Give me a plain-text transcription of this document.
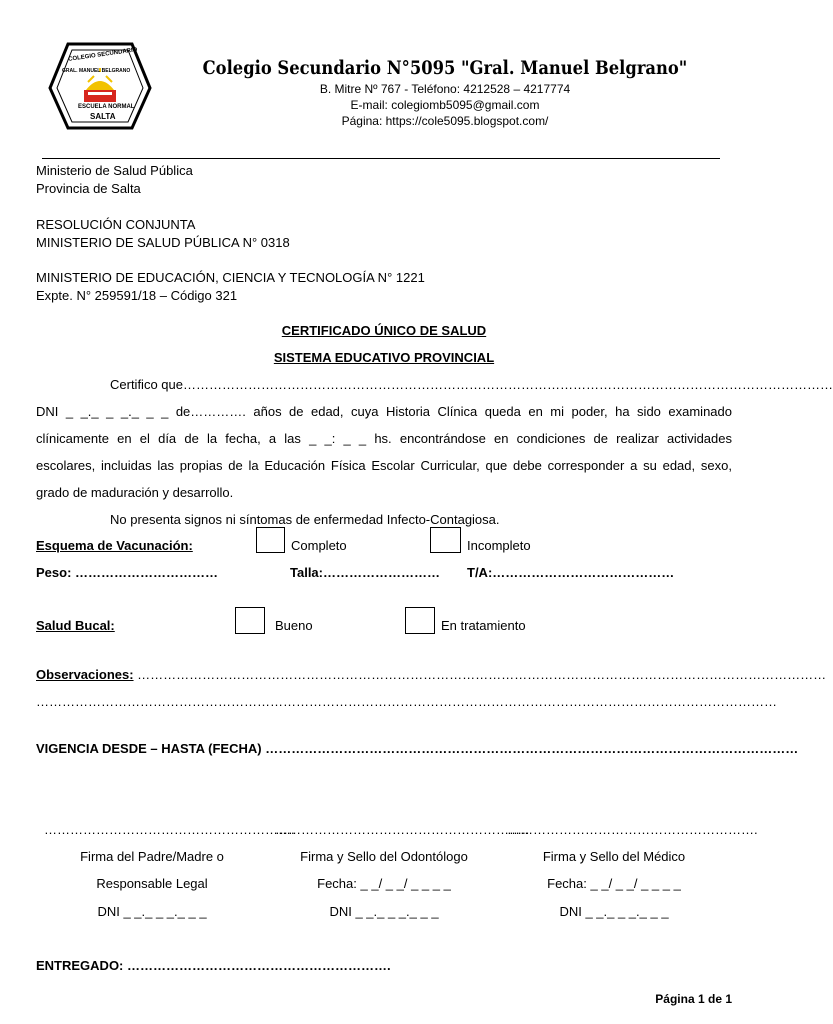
COLEGIO SECUNDARIO
GRAL. MANUEL BELGRANO
ESCUELA NORMAL
SALTA
Colegio Secundario N°5095 "Gral. Manuel Belgrano"
B. Mitre Nº 767 - Teléfono: 4212528 – 4217774
E-mail: colegiomb5095@gmail.com
Página: https://cole5095.blogspot.com/
Ministerio de Salud Pública
Provincia de Salta
RESOLUCIÓN CONJUNTA
MINISTERIO DE SALUD PÚBLICA N° 0318
MINISTERIO DE EDUCACIÓN, CIENCIA Y TECNOLOGÍA N° 1221
Expte. N° 259591/18 – Código 321
CERTIFICADO ÚNICO DE SALUD
SISTEMA EDUCATIVO PROVINCIAL
Certifico que……………………………………………………………………………………………………………………………………
DNI _ _._ _ _._ _ _ de…………. años de edad, cuya Historia Clínica queda en mi poder, ha sido examinado
clínicamente en el día de la fecha, a las _ _: _ _ hs. encontrándose en condiciones de realizar actividades
escolares, incluidas las propias de la Educación Física Escolar Curricular, que debe corresponder a su edad, sexo,
grado de maduración y desarrollo.
No presenta signos ni síntomas de enfermedad Infecto-Contagiosa.
Esquema de Vacunación:	Completo	Incompleto
Peso: ……………………………	Talla:……………………… T/A:……………………………………
Salud Bucal:	Bueno	En tratamiento
Observaciones: ……………………………………………………………………………………………………………………………………………
………………………………………………………………………………………………………………………………………………………
VIGENCIA DESDE – HASTA (FECHA) ……………………………………………………………………………………………………………
………………………………………………….
…………………………………………………..
………………………………………………….
Firma del Padre/Madre o	Firma y Sello del Odontólogo	Firma y Sello del Médico
Responsable Legal	Fecha: _ _/ _ _/ _ _ _ _	Fecha: _ _/ _ _/ _ _ _ _
DNI _ _._ _ _._ _ _	DNI _ _._ _ _._ _ _	DNI _ _._ _ _._ _ _
ENTREGADO: …………………………………………………….
Página 1 de 1
